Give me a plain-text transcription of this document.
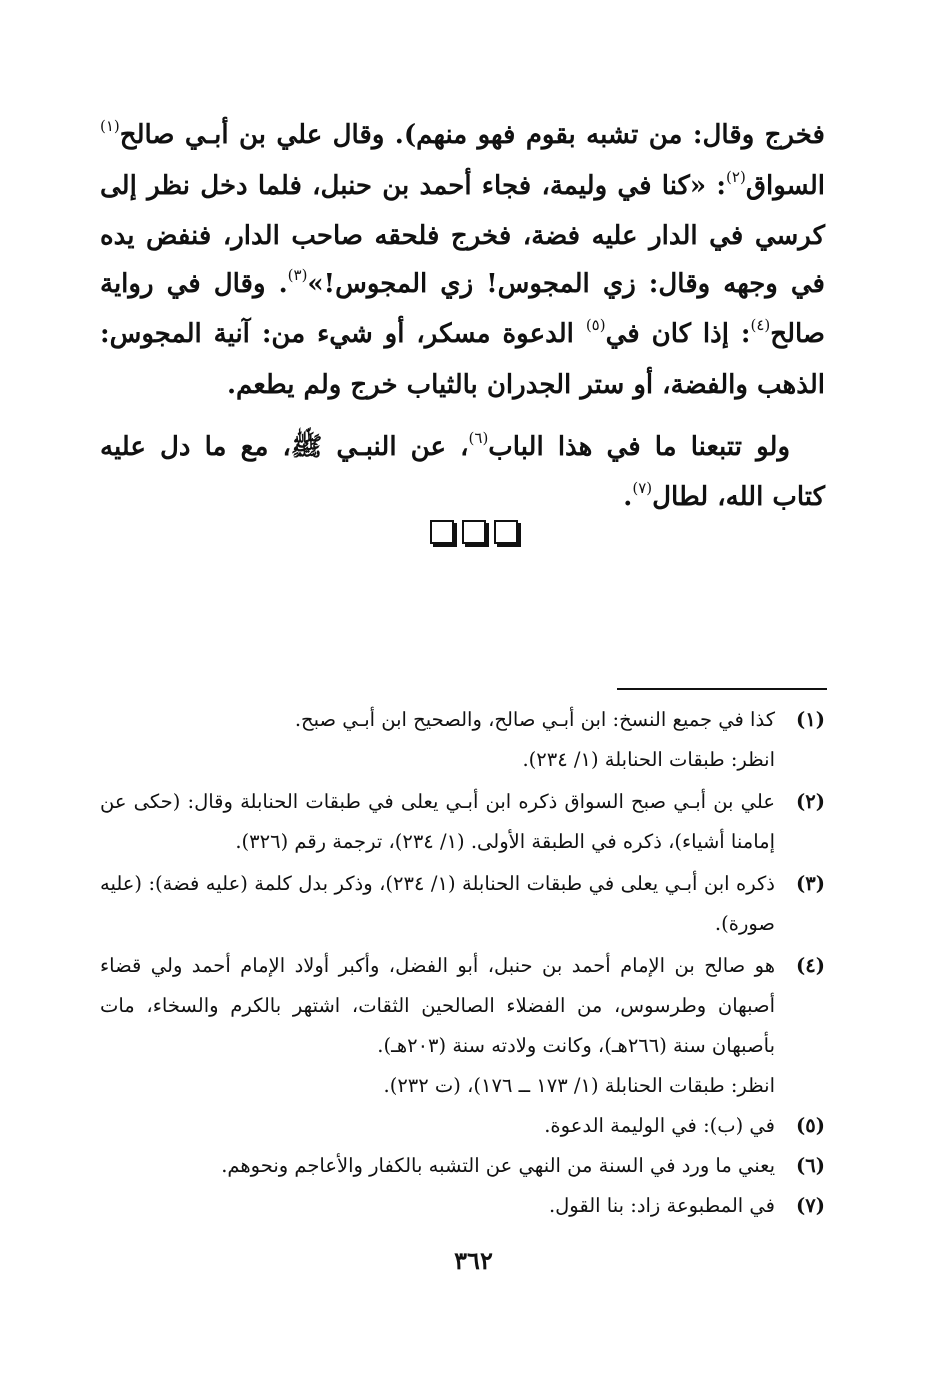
فخرج وقال: من تشبه بقوم فهو منهم). وقال علي بن أبـي صالح$^{(١)}$ السواق$^{(٢)}$: «كنا في وليمة، فجاء أحمد بن حنبل، فلما دخل نظر إلى كرسي في الدار عليه فضة، فخرج فلحقه صاحب الدار، فنفض يده في وجهه وقال: زي المجوس! زي المجوس!»$^{(٣)}$. وقال في رواية صالح$^{(٤)}$: إذا كان في$^{(٥)}$ الدعوة مسكر، أو شيء من: آنية المجوس: الذهب والفضة، أو ستر الجدران بالثياب خرج ولم يطعم.

ولو تتبعنا ما في هذا الباب$^{(٦)}$، عن النبـي ﷺ، مع ما دل عليه كتاب الله، لطال$^{(٧)}$.

(١)
كذا في جميع النسخ: ابن أبـي صالح، والصحيح ابن أبـي صبح.
انظر: طبقات الحنابلة (١/ ٢٣٤).
(٢)
علي بن أبـي صبح السواق ذكره ابن أبـي يعلى في طبقات الحنابلة وقال: (حكى عن إمامنا أشياء)، ذكره في الطبقة الأولى. (١/ ٢٣٤)، ترجمة رقم (٣٢٦).
(٣)
ذكره ابن أبـي يعلى في طبقات الحنابلة (١/ ٢٣٤)، وذكر بدل كلمة (عليه فضة): (عليه صورة).
(٤)
هو صالح بن الإمام أحمد بن حنبل، أبو الفضل، وأكبر أولاد الإمام أحمد ولي قضاء أصبهان وطرسوس، من الفضلاء الصالحين الثقات، اشتهر بالكرم والسخاء، مات بأصبهان سنة (٢٦٦هـ)، وكانت ولادته سنة (٢٠٣هـ).
انظر: طبقات الحنابلة (١/ ١٧٣ ــ ١٧٦)، (ت ٢٣٢).
(٥)
في (ب): في الوليمة الدعوة.
(٦)
يعني ما ورد في السنة من النهي عن التشبه بالكفار والأعاجم ونحوهم.
(٧)
في المطبوعة زاد: بنا القول.
٣٦٢
